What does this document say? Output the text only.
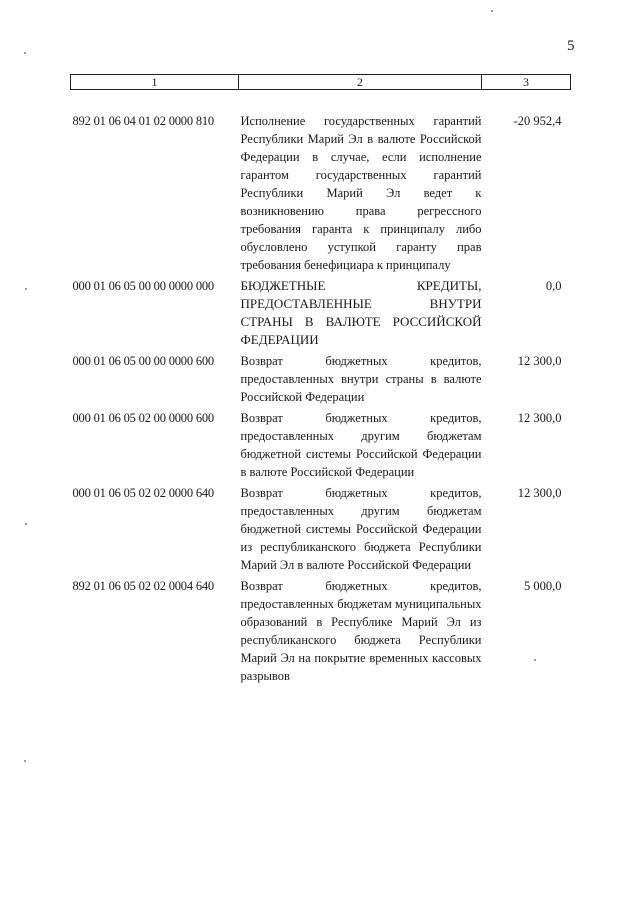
5
1	2	3

892 01 06 04 01 02 0000 810	Исполнение государственных гарантий Республики Марий Эл в валюте Российской Федерации в случае, если исполнение гарантом государственных гарантий Республики Марий Эл ведет к возникновению права регрессного требования гаранта к принципалу либо обусловлено уступкой гаранту прав требования бенефициара к принципалу	-20 952,4
000 01 06 05 00 00 0000 000	БЮДЖЕТНЫЕ КРЕДИТЫ, ПРЕДОСТАВЛЕННЫЕ ВНУТРИ СТРАНЫ В ВАЛЮТЕ РОССИЙСКОЙ ФЕДЕРАЦИИ	0,0
000 01 06 05 00 00 0000 600	Возврат бюджетных кредитов, предоставленных внутри страны в валюте Российской Федерации	12 300,0
000 01 06 05 02 00 0000 600	Возврат бюджетных кредитов, предоставленных другим бюджетам бюджетной системы Российской Федерации в валюте Российской Федерации	12 300,0
000 01 06 05 02 02 0000 640	Возврат бюджетных кредитов, предоставленных другим бюджетам бюджетной системы Российской Федерации из республиканского бюджета Республики Марий Эл в валюте Российской Федерации	12 300,0
892 01 06 05 02 02 0004 640	Возврат бюджетных кредитов, предоставленных бюджетам муниципальных образований в Республике Марий Эл из республиканского бюджета Республики Марий Эл на покрытие временных кассовых разрывов	5 000,0
